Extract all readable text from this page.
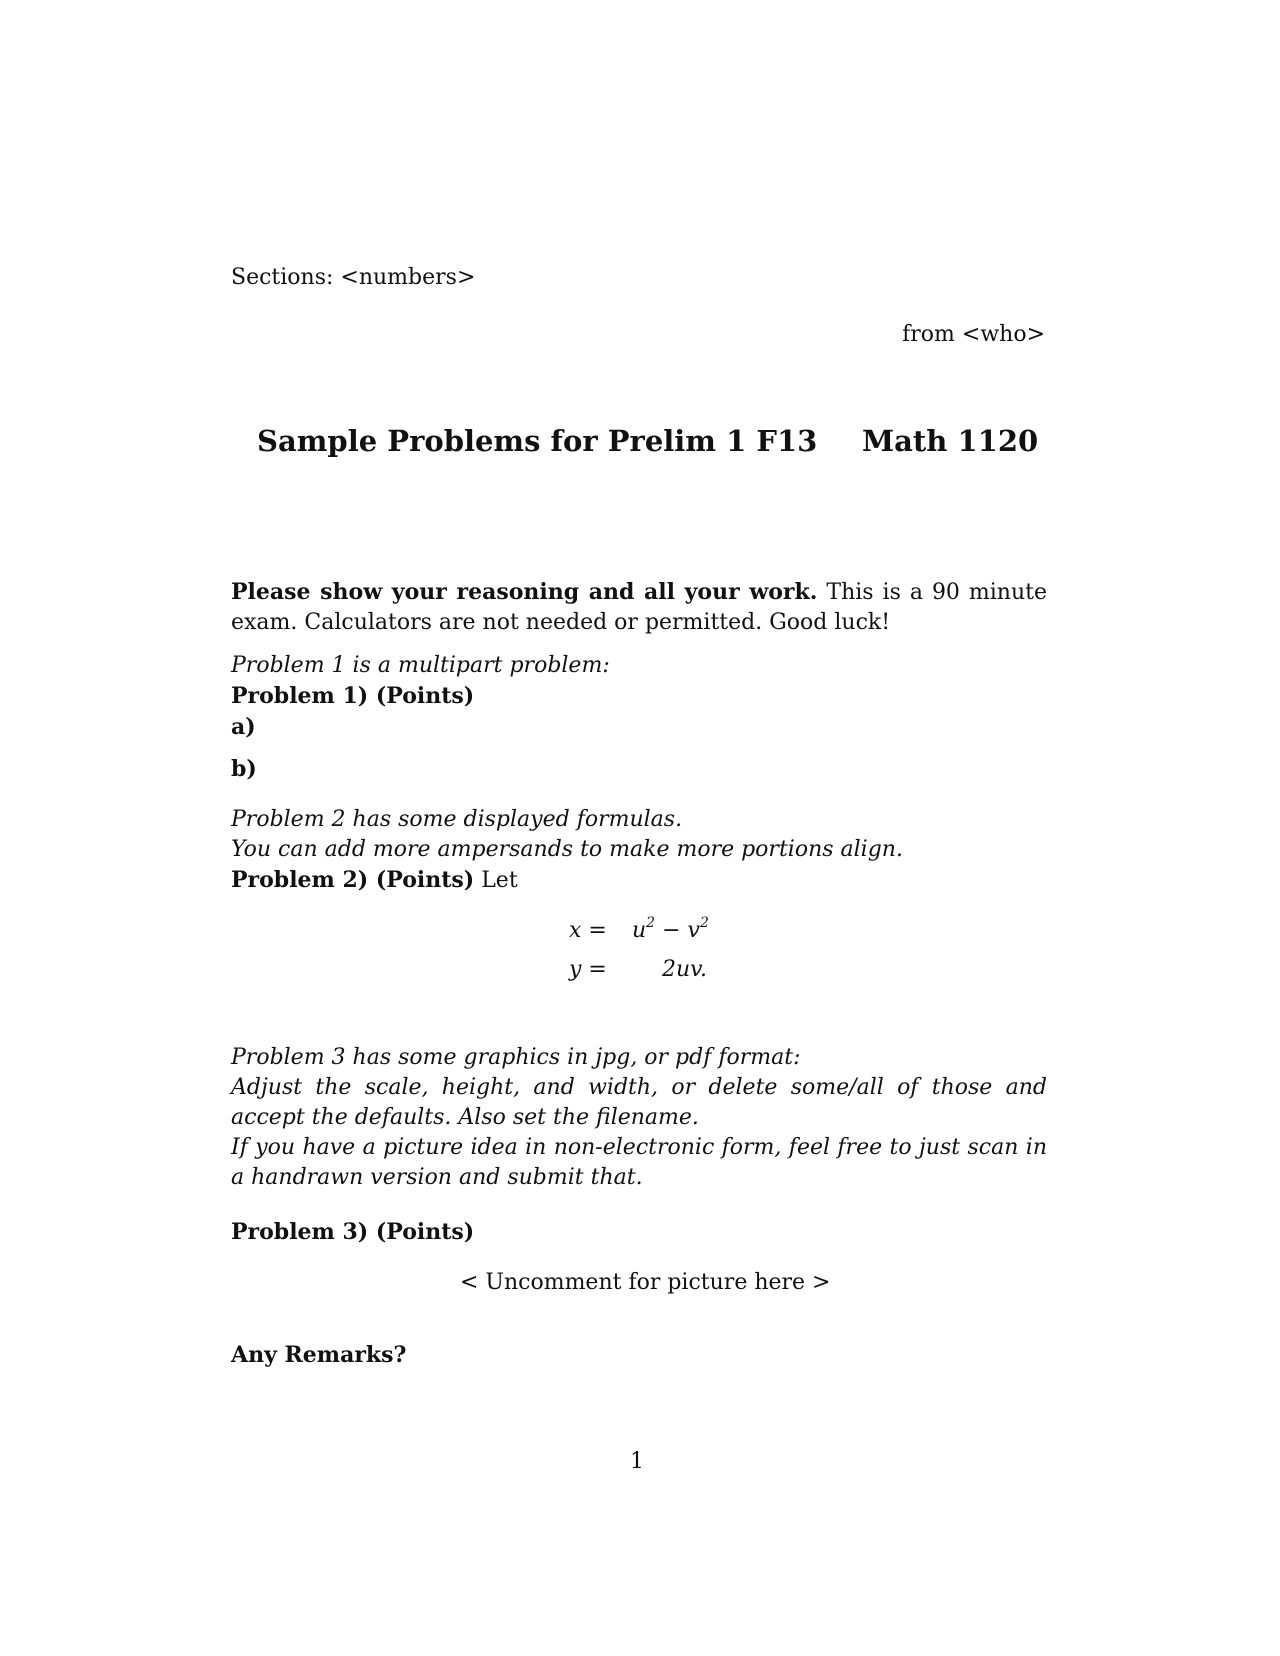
Sections: <numbers>
from <who>
Sample Problems for Prelim 1 F13 Math 1120
Please show your reasoning and all your work. This is a 90 minute exam. Calculators are not needed or permitted. Good luck!
Problem 1 is a multipart problem:
Problem 1) (Points)
a)
b)
Problem 2 has some displayed formulas.
You can add more ampersands to make more portions align.
Problem 2) (Points) Let
$x = u^2 - v^2$
y =	2uv.
Problem 3 has some graphics in jpg, or pdf format:
Adjust the scale, height, and width, or delete some/all of those and accept the defaults. Also set the filename.
If you have a picture idea in non-electronic form, feel free to just scan in a handrawn version and submit that.
Problem 3) (Points)
< Uncomment for picture here >
Any Remarks?
1
